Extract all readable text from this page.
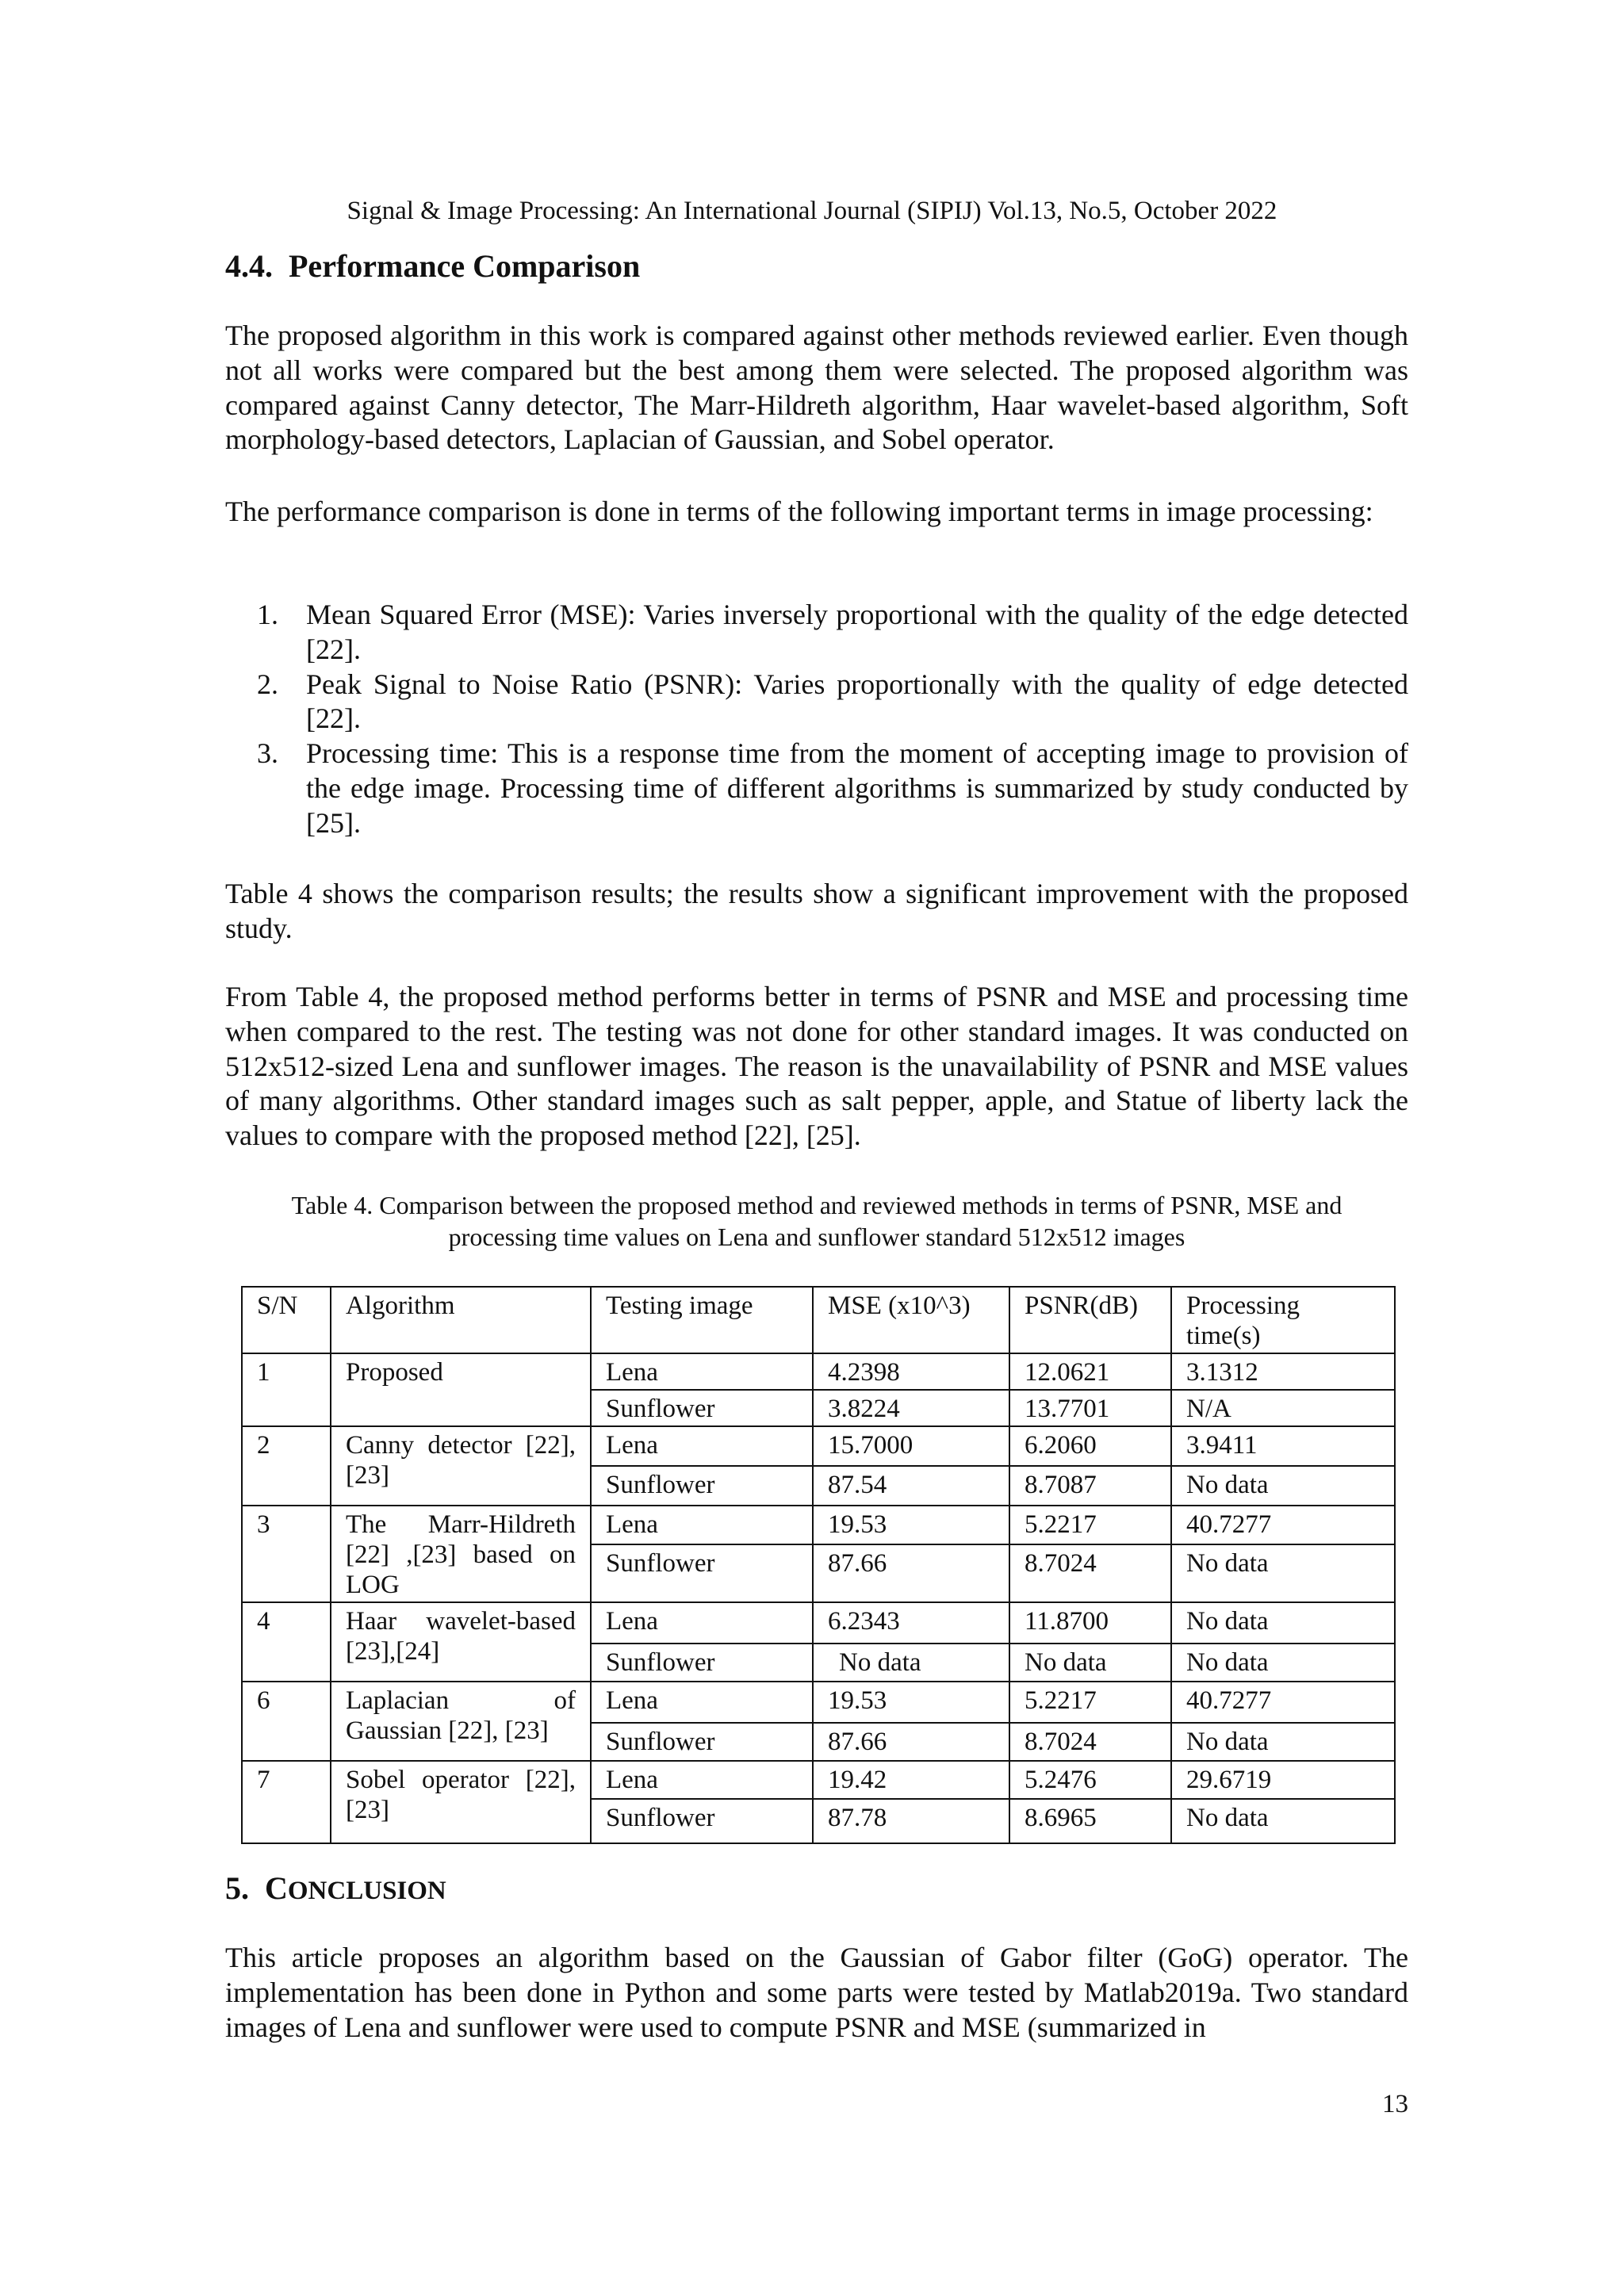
Signal & Image Processing: An International Journal (SIPIJ) Vol.13, No.5, October 2022
4.4. Performance Comparison

The proposed algorithm in this work is compared against other methods reviewed earlier. Even though not all works were compared but the best among them were selected. The proposed algorithm was compared against Canny detector, The Marr-Hildreth algorithm, Haar wavelet-based algorithm, Soft morphology-based detectors, Laplacian of Gaussian, and Sobel operator.

The performance comparison is done in terms of the following important terms in image processing:

1. Mean Squared Error (MSE): Varies inversely proportional with the quality of the edge detected [22].
2. Peak Signal to Noise Ratio (PSNR): Varies proportionally with the quality of edge detected [22].
3. Processing time: This is a response time from the moment of accepting image to provision of the edge image. Processing time of different algorithms is summarized by study conducted by [25].

Table 4 shows the comparison results; the results show a significant improvement with the proposed study.

From Table 4, the proposed method performs better in terms of PSNR and MSE and processing time when compared to the rest. The testing was not done for other standard images. It was conducted on 512x512-sized Lena and sunflower images. The reason is the unavailability of PSNR and MSE values of many algorithms. Other standard images such as salt pepper, apple, and Statue of liberty lack the values to compare with the proposed method [22], [25].

Table 4. Comparison between the proposed method and reviewed methods in terms of PSNR, MSE and
processing time values on Lena and sunflower standard 512x512 images
S/N	Algorithm	Testing image	MSE (x10^3)	PSNR(dB)	Processing time(s)
1	Proposed	Lena	4.2398	12.0621	3.1312
		Sunflower	3.8224	13.7701	N/A
2	Canny detector [22],[23]	Lena	15.7000	6.2060	3.9411
		Sunflower	87.54	8.7087	No data
3	The Marr-Hildreth [22] ,[23] based on LOG	Lena	19.53	5.2217	40.7277
		Sunflower	87.66	8.7024	No data
4	Haar wavelet-based [23],[24]	Lena	6.2343	11.8700	No data
		Sunflower	No data	No data	No data
6	Laplacian of Gaussian [22], [23]	Lena	19.53	5.2217	40.7277
		Sunflower	87.66	8.7024	No data
7	Sobel operator [22],[23]	Lena	19.42	5.2476	29.6719
		Sunflower	87.78	8.6965	No data
5. CONCLUSION

This article proposes an algorithm based on the Gaussian of Gabor filter (GoG) operator. The implementation has been done in Python and some parts were tested by Matlab2019a. Two standard images of Lena and sunflower were used to compute PSNR and MSE (summarized in

13
